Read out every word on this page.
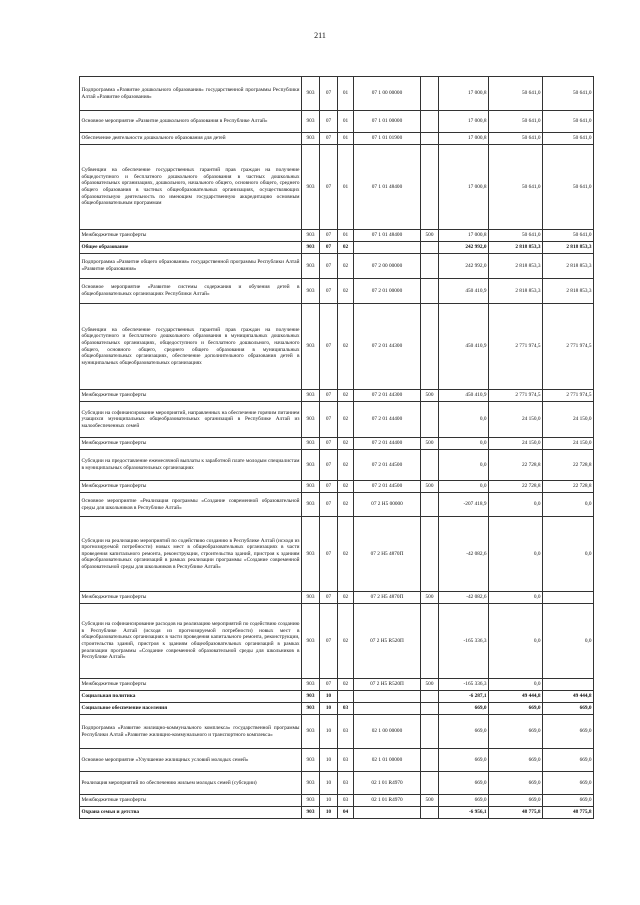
211
Подпрограмма «Развитие дошкольного образования» государственной программы Республики Алтай «Развитие образования»	903	07	01	07 1 00 00000		17 000,8	50 641,0	50 641,0
Основное мероприятие «Развитие дошкольного образования в Республике Алтай»	903	07	01	07 1 01 00000		17 000,8	50 641,0	50 641,0
Обеспечение деятельности дошкольного образования для детей	903	07	01	07 1 01 01900		17 000,8	50 641,0	50 641,0
Субвенции на обеспечение государственных гарантий прав граждан на получение общедоступного и бесплатного дошкольного образования в частных дошкольных образовательных организациях, дошкольного, начального общего, основного общего, среднего общего образования в частных общеобразовательных организациях, осуществляющих образовательную деятельность по имеющим государственную аккредитацию основным общеобразовательным программам	903	07	01	07 1 01 48400		17 000,8	50 641,0	50 641,0
Межбюджетные трансферты	903	07	01	07 1 01 48400	500	17 000,8	50 641,0	50 641,0
Общее образование	903	07	02			242 992,0	2 818 853,3	2 818 853,3
Подпрограмма «Развитие общего образования» государственной программы Республики Алтай «Развитие образования»	903	07	02	07 2 00 00000		242 992,0	2 818 853,3	2 818 853,3
Основное мероприятие «Развитие системы содержания и обучения детей в общеобразовательных организациях Республики Алтай»	903	07	02	07 2 01 00000		450 410,9	2 818 853,3	2 818 853,3
Субвенции на обеспечение государственных гарантий прав граждан на получение общедоступного и бесплатного дошкольного образования в муниципальных дошкольных образовательных организациях, общедоступного и бесплатного дошкольного, начального общего, основного общего, среднего общего образования в муниципальных общеобразовательных организациях, обеспечение дополнительного образования детей в муниципальных общеобразовательных организациях	903	07	02	07 2 01 44300		450 410,9	2 771 974,5	2 771 974,5
Межбюджетные трансферты	903	07	02	07 2 01 44300	500	450 410,9	2 771 974,5	2 771 974,5
Субсидии на софинансирование мероприятий, направленных на обеспечение горячим питанием учащихся муниципальных общеобразовательных организаций в Республике Алтай из малообеспеченных семей	903	07	02	07 2 01 44400		0,0	24 150,0	24 150,0
Межбюджетные трансферты	903	07	02	07 2 01 44400	500	0,0	24 150,0	24 150,0
Субсидии на предоставление ежемесячной выплаты к заработной плате молодым специалистам в муниципальных образовательных организациях	903	07	02	07 2 01 44500		0,0	22 728,8	22 728,8
Межбюджетные трансферты	903	07	02	07 2 01 44500	500	0,0	22 728,8	22 728,8
Основное мероприятие «Реализация программы «Создание современной образовательной среды для школьников в Республике Алтай»	903	07	02	07 2 Н5 00000		-207 418,9	0,0	0,0
Субсидии на реализацию мероприятий по содействию созданию в Республике Алтай (исходя из прогнозируемой потребности) новых мест в общеобразовательных организациях в части проведения капитального ремонта, реконструкции, строительства зданий, пристроя к зданиям общеобразовательных организаций в рамках реализации программы «Создание современной образовательной среды для школьников в Республике Алтай»	903	07	02	07 2 Н5 4870П		-42 082,6	0,0	0,0
Межбюджетные трансферты	903	07	02	07 2 Н5 4870П	500	-42 082,6	0,0	
Субсидии на софинансирование расходов на реализацию мероприятий по содействию созданию в Республике Алтай (исходя из прогнозируемой потребности) новых мест в общеобразовательных организациях в части проведения капитального ремонта, реконструкции, строительства зданий, пристроя к зданиям общеобразовательных организаций в рамках реализации программы «Создание современной образовательной среды для школьников в Республике Алтай»	903	07	02	07 2 Н5 R520П		-165 336,3	0,0	0,0
Межбюджетные трансферты	903	07	02	07 2 Н5 R520П	500	-165 336,3	0,0	
Социальная политика	903	10				-6 287,1	49 444,8	49 444,8
Социальное обеспечение населения	903	10	03			669,0	669,0	669,0
Подпрограмма «Развитие жилищно-коммунального комплекса» государственной программы Республики Алтай «Развитие жилищно-коммунального и транспортного комплекса»	903	10	03	02 1 00 00000		669,0	669,0	669,0
Основное мероприятие «Улучшение жилищных условий молодых семей»	903	10	03	02 1 01 00000		669,0	669,0	669,0
Реализация мероприятий по обеспечению жильем молодых семей (субсидии)	903	10	03	02 1 01 R4970		669,0	669,0	669,0
Межбюджетные трансферты	903	10	03	02 1 01 R4970	500	669,0	669,0	669,0
Охрана семьи и детства	903	10	04			-6 956,1	48 775,8	48 775,8
